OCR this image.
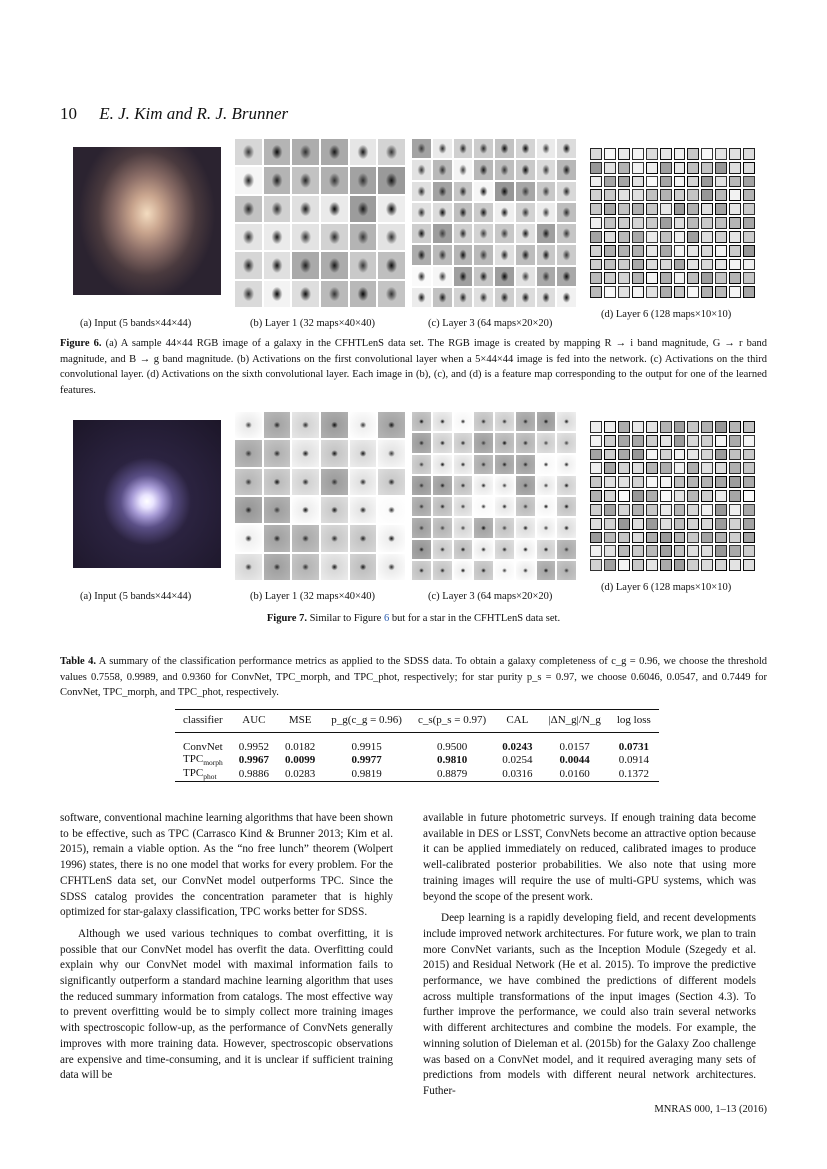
10 E. J. Kim and R. J. Brunner
(a) Input (5 bands×44×44)	(b) Layer 1 (32 maps×40×40)	(c) Layer 3 (64 maps×20×20)
(d) Layer 6 (128 maps×10×10)
Figure 6. (a) A sample 44×44 RGB image of a galaxy in the CFHTLenS data set. The RGB image is created by mapping R → i band magnitude, G → r band magnitude, and B → g band magnitude. (b) Activations on the first convolutional layer when a 5×44×44 image is fed into the network. (c) Activations on the third convolutional layer. (d) Activations on the sixth convolutional layer. Each image in (b), (c), and (d) is a feature map corresponding to the output for one of the learned features.
(a) Input (5 bands×44×44)	(b) Layer 1 (32 maps×40×40)	(c) Layer 3 (64 maps×20×20)
(d) Layer 6 (128 maps×10×10)
Figure 7. Similar to Figure 6 but for a star in the CFHTLenS data set.
Table 4. A summary of the classification performance metrics as applied to the SDSS data. To obtain a galaxy completeness of c_g = 0.96, we choose the threshold values 0.7558, 0.9989, and 0.9360 for ConvNet, TPC_morph, and TPC_phot, respectively; for star purity p_s = 0.97, we choose 0.6046, 0.0547, and 0.7449 for ConvNet, TPC_morph, and TPC_phot, respectively.
classifier	AUC	MSE	p_g(c_g = 0.96)	c_s(p_s = 0.97)	CAL	|ΔN_g|/N_g	log loss
ConvNet	0.9952	0.0182	0.9915	0.9500	0.0243	0.0157	0.0731
$TPC_{morph}$	0.9967	0.0099	0.9977	0.9810	0.0254	0.0044	0.0914
$TPC_{phot}$	0.9886	0.0283	0.9819	0.8879	0.0316	0.0160	0.1372

software, conventional machine learning algorithms that have been shown to be effective, such as TPC (Carrasco Kind & Brunner 2013; Kim et al. 2015), remain a viable option. As the “no free lunch” theorem (Wolpert 1996) states, there is no one model that works for every problem. For the CFHTLenS data set, our ConvNet model outperforms TPC. Since the SDSS catalog provides the concentration parameter that is highly optimized for star-galaxy classification, TPC works better for SDSS.

Although we used various techniques to combat overfitting, it is possible that our ConvNet model has overfit the data. Overfitting could explain why our ConvNet model with maximal information fails to significantly outperform a standard machine learning algorithm that uses the reduced summary information from catalogs. The most effective way to prevent overfitting would be to simply collect more training images with spectroscopic follow-up, as the performance of ConvNets generally improves with more training data. However, spectroscopic observations are expensive and time-consuming, and it is unclear if sufficient training data will be

available in future photometric surveys. If enough training data become available in DES or LSST, ConvNets become an attractive option because it can be applied immediately on reduced, calibrated images to produce well-calibrated posterior probabilities. We also note that using more training images will require the use of multi-GPU systems, which was beyond the scope of the present work.

Deep learning is a rapidly developing field, and recent developments include improved network architectures. For future work, we plan to train more ConvNet variants, such as the Inception Module (Szegedy et al. 2015) and Residual Network (He et al. 2015). To improve the predictive performance, we have combined the predictions of different models across multiple transformations of the input images (Section 4.3). To further improve the performance, we could also train several networks with different architectures and combine the models. For example, the winning solution of Dieleman et al. (2015b) for the Galaxy Zoo challenge was based on a ConvNet model, and it required averaging many sets of predictions from models with different neural network architectures. Futher-

MNRAS 000, 1–13 (2016)
